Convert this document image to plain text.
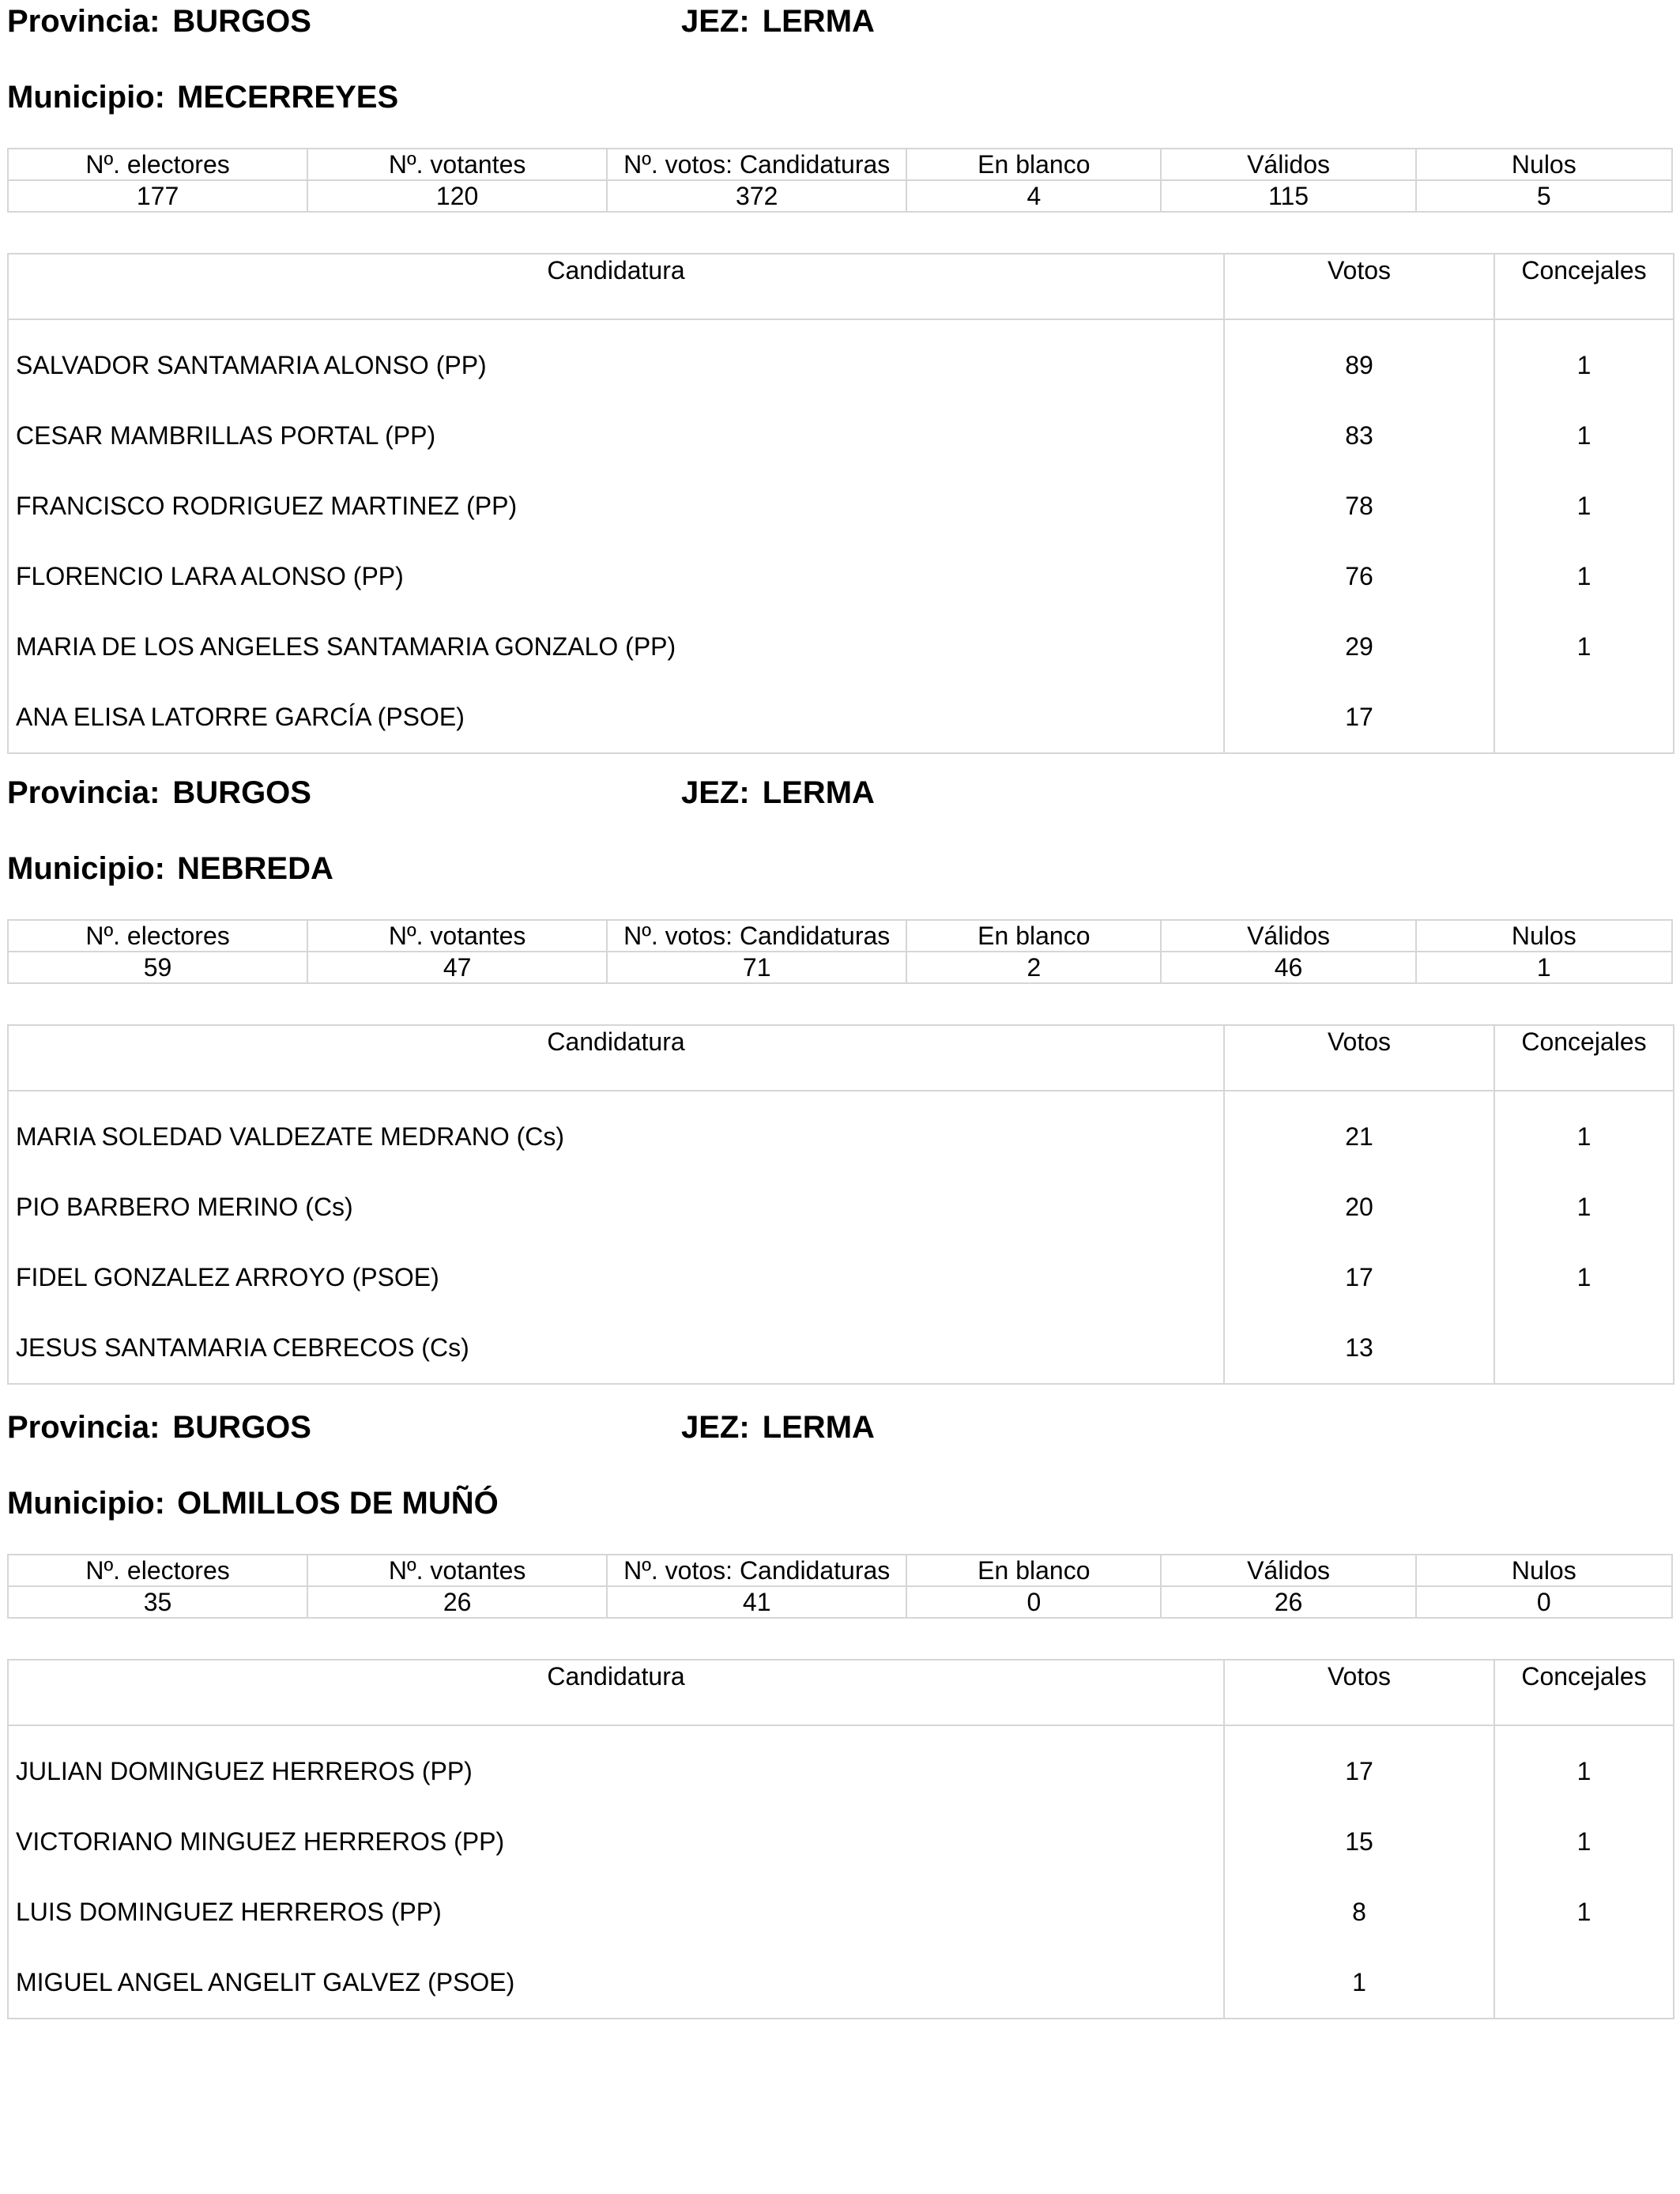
Provincia: BURGOS	JEZ: LERMA
Municipio: MECERREYES
Nº. electores	Nº. votantes	Nº. votos: Candidaturas	En blanco	Válidos	Nulos
177	120	372	4	115	5
Candidatura	Votos	Concejales
SALVADOR SANTAMARIA ALONSO (PP)	89	1
CESAR MAMBRILLAS PORTAL (PP)	83	1
FRANCISCO RODRIGUEZ MARTINEZ (PP)	78	1
FLORENCIO LARA ALONSO (PP)	76	1
MARIA DE LOS ANGELES SANTAMARIA GONZALO (PP)	29	1
ANA ELISA LATORRE GARCÍA (PSOE)	17	
Provincia: BURGOS	JEZ: LERMA
Municipio: NEBREDA
Nº. electores	Nº. votantes	Nº. votos: Candidaturas	En blanco	Válidos	Nulos
59	47	71	2	46	1
Candidatura	Votos	Concejales
MARIA SOLEDAD VALDEZATE MEDRANO (Cs)	21	1
PIO BARBERO MERINO (Cs)	20	1
FIDEL GONZALEZ ARROYO (PSOE)	17	1
JESUS SANTAMARIA CEBRECOS (Cs)	13	
Provincia: BURGOS	JEZ: LERMA
Municipio: OLMILLOS DE MUÑÓ
Nº. electores	Nº. votantes	Nº. votos: Candidaturas	En blanco	Válidos	Nulos
35	26	41	0	26	0
Candidatura	Votos	Concejales
JULIAN DOMINGUEZ HERREROS (PP)	17	1
VICTORIANO MINGUEZ HERREROS (PP)	15	1
LUIS DOMINGUEZ HERREROS (PP)	8	1
MIGUEL ANGEL ANGELIT GALVEZ (PSOE)	1	
